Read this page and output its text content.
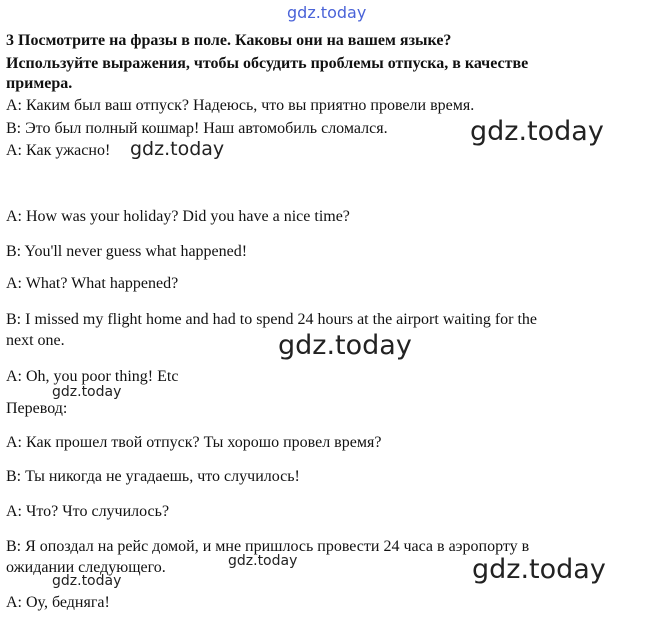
gdz.today
3 Посмотрите на фразы в поле. Каковы они на вашем языке?
Используйте выражения, чтобы обсудить проблемы отпуска, в качестве
примера.
A: Каким был ваш отпуск? Надеюсь, что вы приятно провели время.
B: Это был полный кошмар! Наш автомобиль сломался.
A: Как ужасно!
gdz.today
gdz.today
A: How was your holiday? Did you have a nice time?
B: You'll never guess what happened!
A: What? What happened?
B: I missed my flight home and had to spend 24 hours at the airport waiting for the
next one.	gdz.today
A: Oh, you poor thing! Etc
gdz.today
Перевод:
A: Как прошел твой отпуск? Ты хорошо провел время?
B: Ты никогда не угадаешь, что случилось!
A: Что? Что случилось?
B: Я опоздал на рейс домой, и мне пришлось провести 24 часа в аэропорту в
ожидании следующего.	gdz.today	gdz.today
gdz.today
A: Оу, бедняга!
